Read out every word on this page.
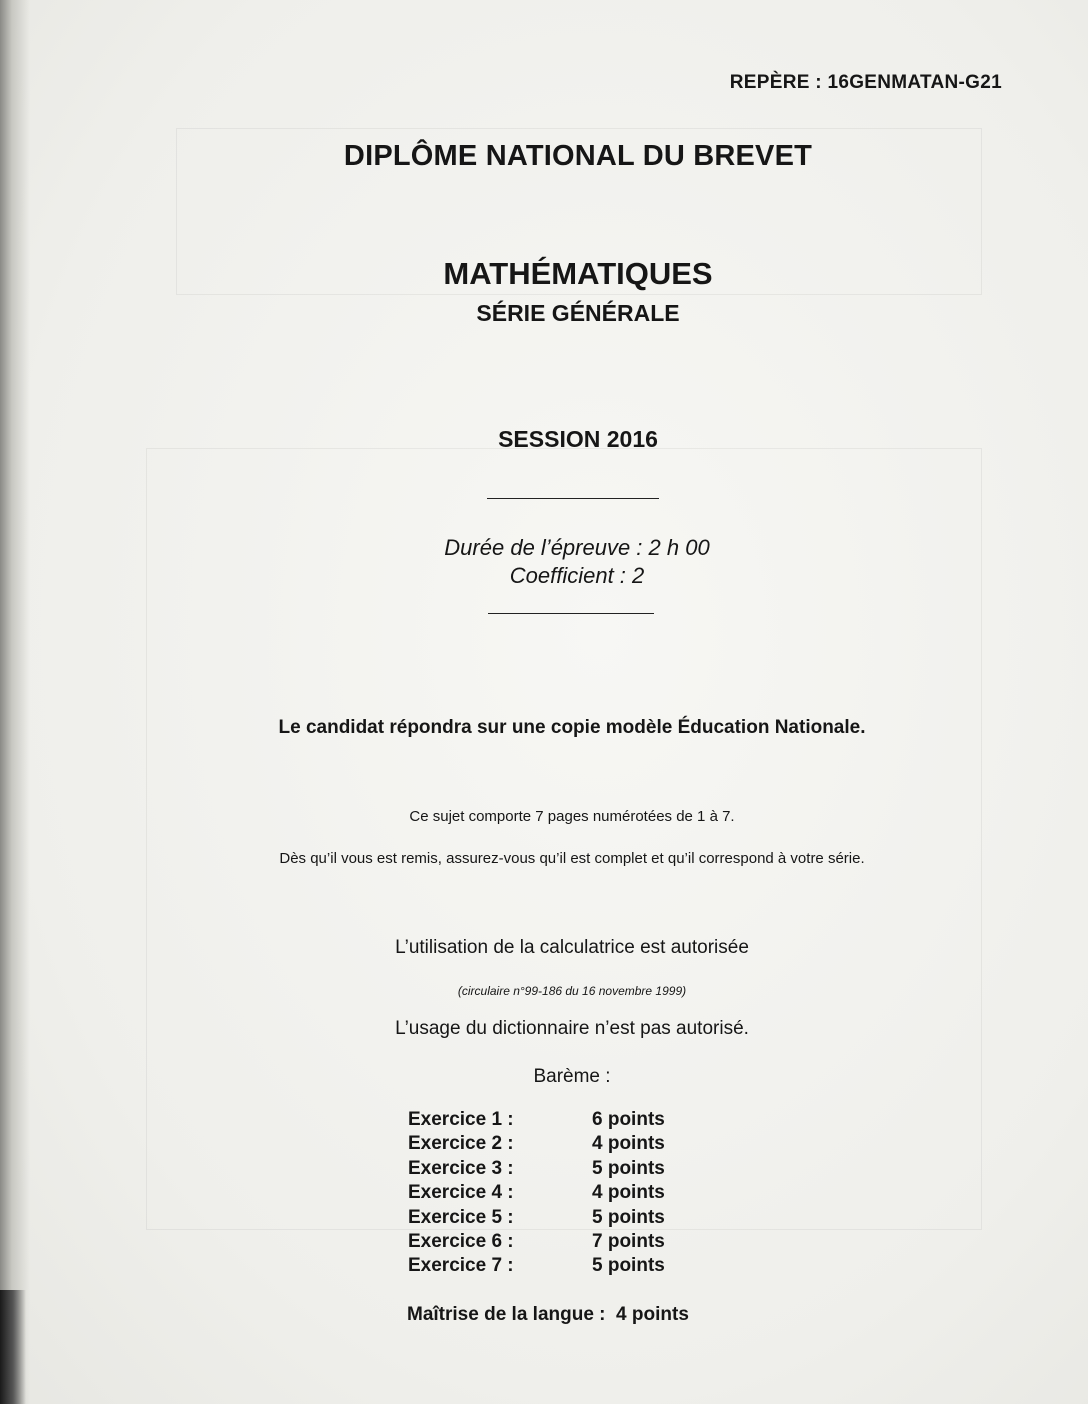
REPÈRE : 16GENMATAN-G21
DIPLÔME NATIONAL DU BREVET
MATHÉMATIQUES
SÉRIE GÉNÉRALE
SESSION 2016
Durée de l’épreuve : 2 h 00
Coefficient : 2
Le candidat répondra sur une copie modèle Éducation Nationale.
Ce sujet comporte 7 pages numérotées de 1 à 7.
Dès qu’il vous est remis, assurez-vous qu’il est complet et qu’il correspond à votre série.
L’utilisation de la calculatrice est autorisée
(circulaire n°99-186 du 16 novembre 1999)
L’usage du dictionnaire n’est pas autorisé.
Barème :
Exercice 1 :	6 points
Exercice 2 :	4 points
Exercice 3 :	5 points
Exercice 4 :	4 points
Exercice 5 :	5 points
Exercice 6 :	7 points
Exercice 7 :	5 points
Maîtrise de la langue :  4 points
